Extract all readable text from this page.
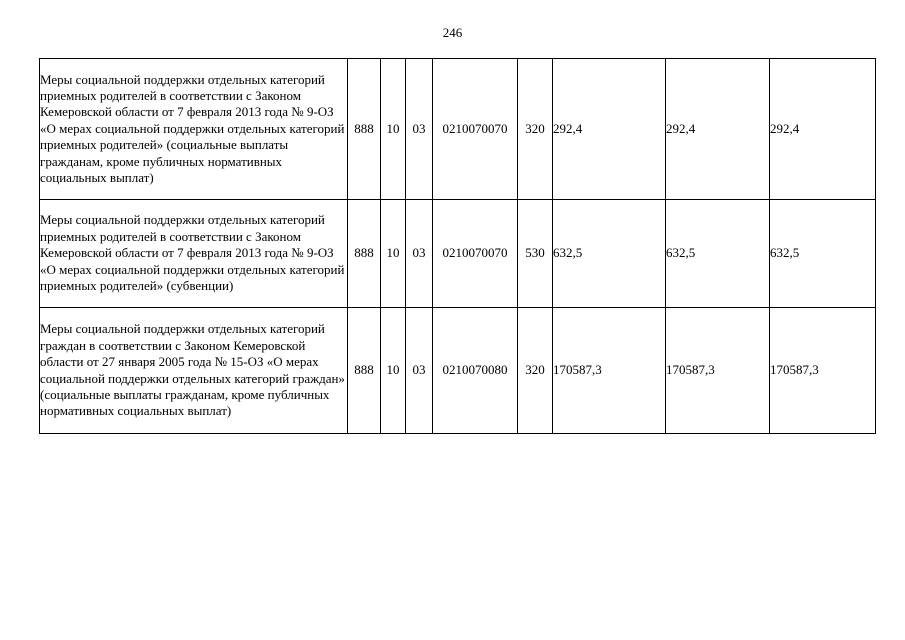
246
Меры социальной поддержки отдельных категорий приемных родителей в соответствии с Законом Кемеровской области от 7 февраля 2013 года № 9-ОЗ «О мерах социальной поддержки отдельных категорий приемных родителей» (социальные выплаты гражданам, кроме публичных нормативных социальных выплат)	888	10	03	0210070070	320	292,4	292,4	292,4
Меры социальной поддержки отдельных категорий приемных родителей в соответствии с Законом Кемеровской области от 7 февраля 2013 года № 9-ОЗ «О мерах социальной поддержки отдельных категорий приемных родителей» (субвенции)	888	10	03	0210070070	530	632,5	632,5	632,5
Меры социальной поддержки отдельных категорий граждан в соответствии с Законом Кемеровской области от 27 января 2005 года № 15-ОЗ «О мерах социальной поддержки отдельных категорий граждан» (социальные выплаты гражданам, кроме публичных нормативных социальных выплат)	888	10	03	0210070080	320	170587,3	170587,3	170587,3
